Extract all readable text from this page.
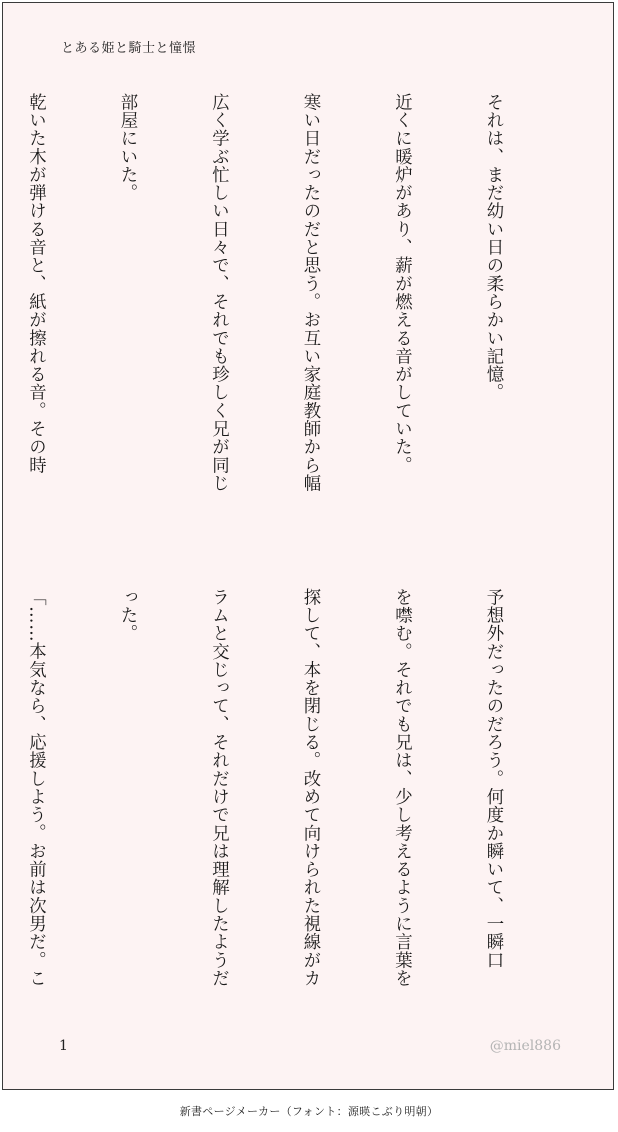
とある姫と騎士と憧憬

それは、まだ幼い日の柔らかい記憶。

近くに暖炉があり、薪が燃える音がしていた。

寒い日だったのだと思う。お互い家庭教師から幅

広く学ぶ忙しい日々で、それでも珍しく兄が同じ

部屋にいた。

乾いた木が弾ける音と、紙が擦れる音。その時

予想外だったのだろう。何度か瞬いて、一瞬口

を噤む。それでも兄は、少し考えるように言葉を

探して、本を閉じる。改めて向けられた視線がカ

ラムと交じって、それだけで兄は理解したようだ

った。

「……本気なら、応援しよう。お前は次男だ。こ

1	@miel886
新書ページメーカー（フォント：源暎こぶり明朝）
